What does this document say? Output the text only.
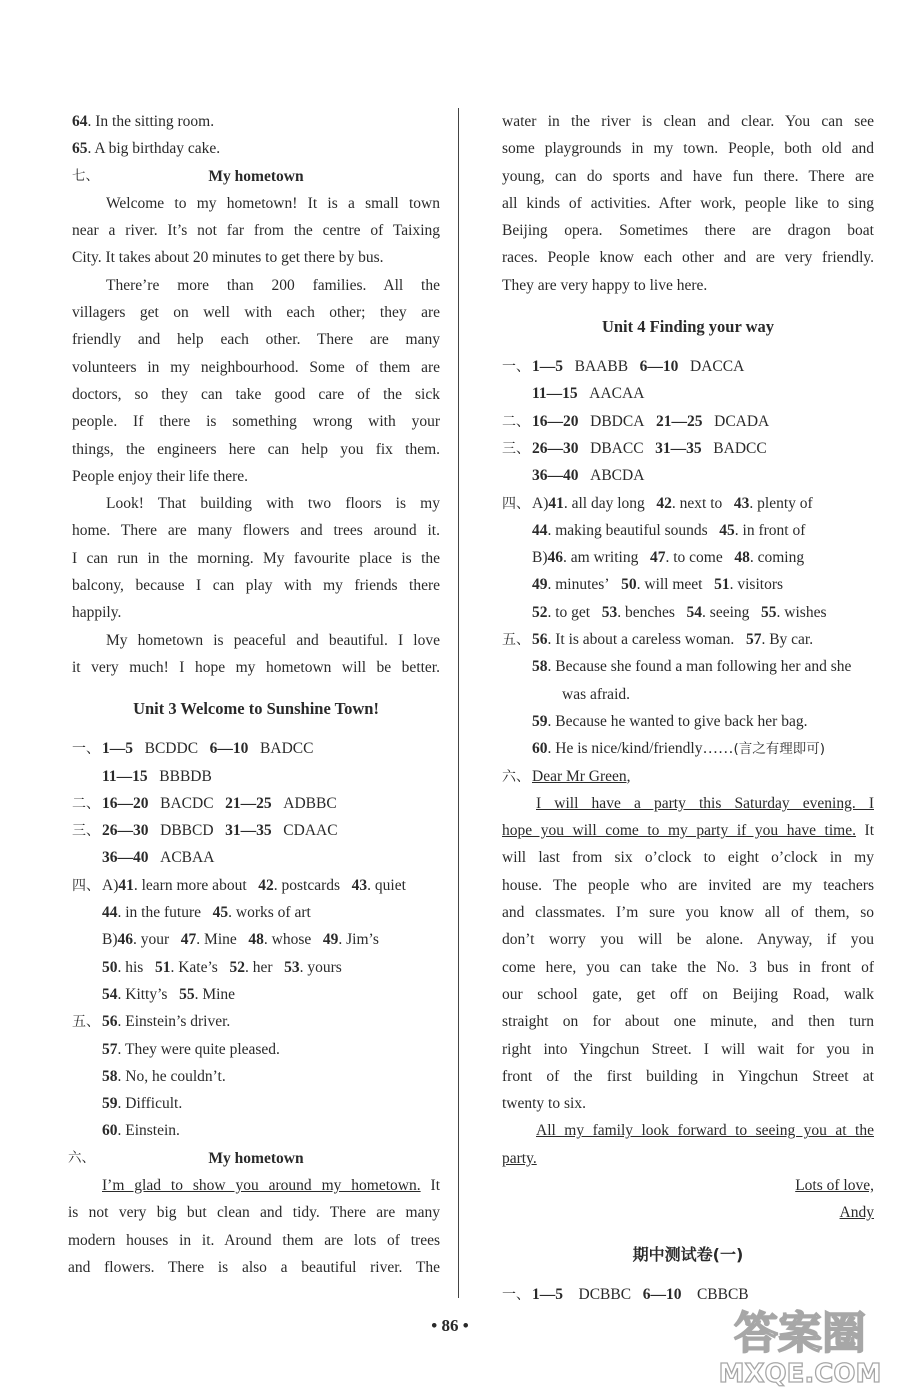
64. In the sitting room.
65. A big birthday cake.
七、	My hometown
Welcome to my hometown! It is a small town
near a river. It’s not far from the centre of Taixing
City. It takes about 20 minutes to get there by bus.
There’re more than 200 families. All the
villagers get on well with each other; they are
friendly and help each other. There are many
volunteers in my neighbourhood. Some of them are
doctors, so they can take good care of the sick
people. If there is something wrong with your
things, the engineers here can help you fix them.
People enjoy their life there.
Look! That building with two floors is my
home. There are many flowers and trees around it.
I can run in the morning. My favourite place is the
balcony, because I can play with my friends there
happily.
My hometown is peaceful and beautiful. I love
it very much! I hope my hometown will be better.
Unit 3 Welcome to Sunshine Town!
一、 1—5 BCDDC 6—10 BADCC
11—15 BBBDB
二、 16—20 BACDC 21—25 ADBBC
三、 26—30 DBBCD 31—35 CDAAC
36—40 ACBAA
四、 A)41. learn more about 42. postcards 43. quiet
44. in the future 45. works of art
B)46. your 47. Mine 48. whose 49. Jim’s
50. his 51. Kate’s 52. her 53. yours
54. Kitty’s 55. Mine
五、 56. Einstein’s driver.
57. They were quite pleased.
58. No, he couldn’t.
59. Difficult.
60. Einstein.
六、	My hometown
I’m glad to show you around my hometown. It
is not very big but clean and tidy. There are many
modern houses in it. Around them are lots of trees
and flowers. There is also a beautiful river. The
water in the river is clean and clear. You can see
some playgrounds in my town. People, both old and
young, can do sports and have fun there. There are
all kinds of activities. After work, people like to sing
Beijing opera. Sometimes there are dragon boat
races. People know each other and are very friendly.
They are very happy to live here.
Unit 4 Finding your way
一、 1—5 BAABB 6—10 DACCA
11—15 AACAA
二、 16—20 DBDCA 21—25 DCADA
三、 26—30 DBACC 31—35 BADCC
36—40 ABCDA
四、 A)41. all day long 42. next to 43. plenty of
44. making beautiful sounds 45. in front of
B)46. am writing 47. to come 48. coming
49. minutes’ 50. will meet 51. visitors
52. to get 53. benches 54. seeing 55. wishes
五、 56. It is about a careless woman. 57. By car.
58. Because she found a man following her and she
was afraid.
59. Because he wanted to give back her bag.
60. He is nice/kind/friendly……(言之有理即可)
六、 Dear Mr Green,
I will have a party this Saturday evening. I
hope you will come to my party if you have time. It
will last from six o’clock to eight o’clock in my
house. The people who are invited are my teachers
and classmates. I’m sure you know all of them, so
don’t worry you will be alone. Anyway, if you
come here, you can take the No. 3 bus in front of
our school gate, get off on Beijing Road, walk
straight on for about one minute, and then turn
right into Yingchun Street. I will wait for you in
front of the first building in Yingchun Street at
twenty to six.
All my family look forward to seeing you at the
party.
Lots of love,
Andy
期中测试卷(一)
一、 1—5 DCBBC 6—10 CBBCB
• 86 •	答案圈
MXQE.COM
